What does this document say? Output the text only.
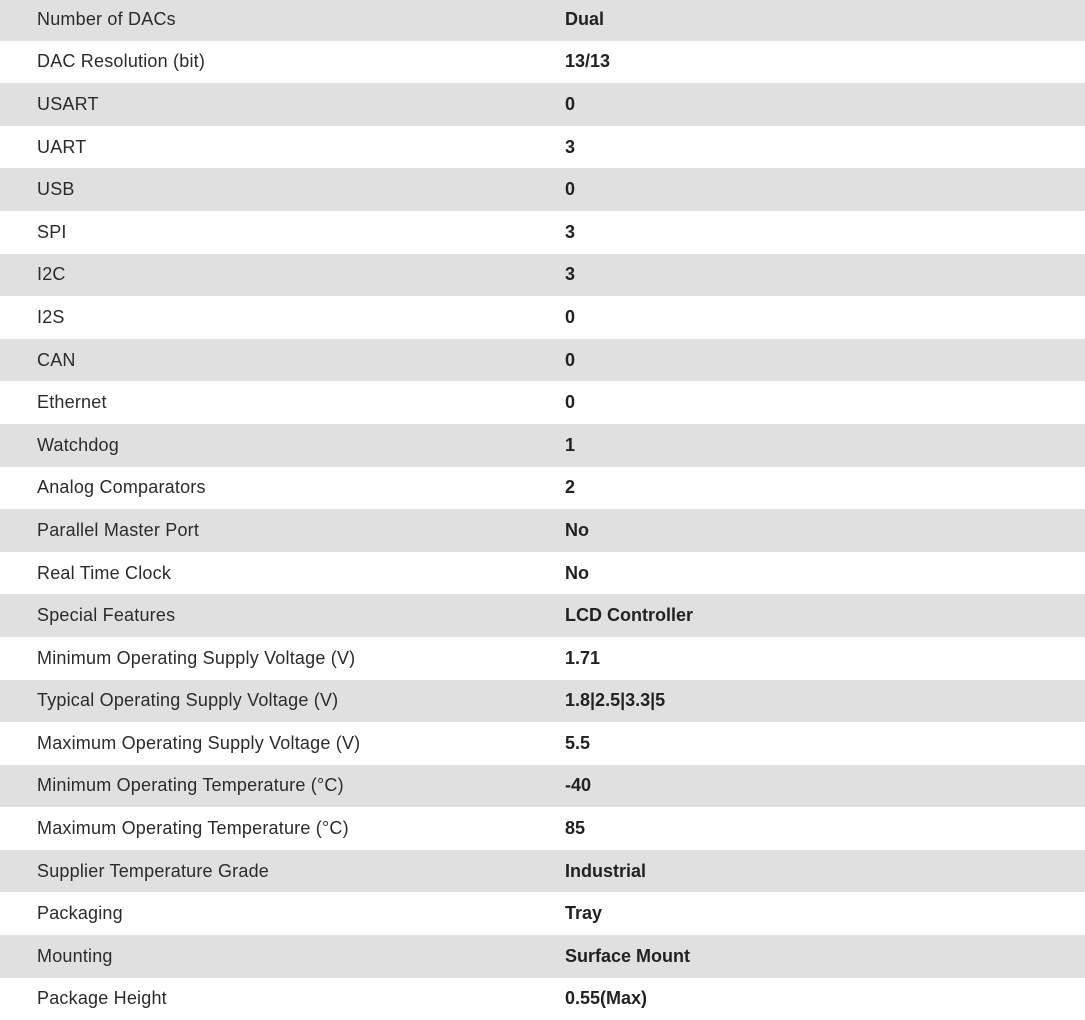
Number of DACs	Dual
DAC Resolution (bit)	13/13
USART	0
UART	3
USB	0
SPI	3
I2C	3
I2S	0
CAN	0
Ethernet	0
Watchdog	1
Analog Comparators	2
Parallel Master Port	No
Real Time Clock	No
Special Features	LCD Controller
Minimum Operating Supply Voltage (V)	1.71
Typical Operating Supply Voltage (V)	1.8|2.5|3.3|5
Maximum Operating Supply Voltage (V)	5.5
Minimum Operating Temperature (°C)	-40
Maximum Operating Temperature (°C)	85
Supplier Temperature Grade	Industrial
Packaging	Tray
Mounting	Surface Mount
Package Height	0.55(Max)
